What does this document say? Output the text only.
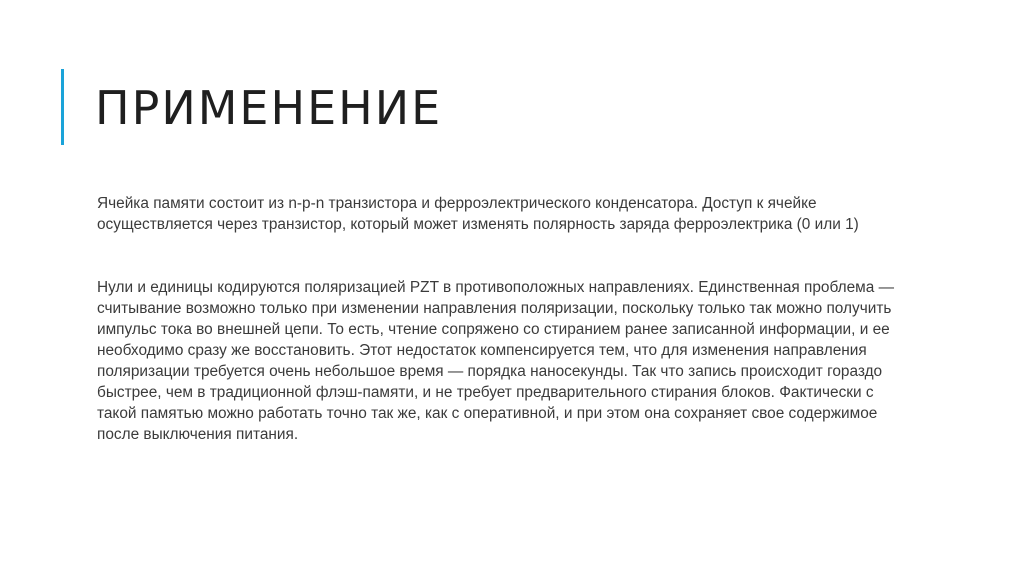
ПРИМЕНЕНИЕ

Ячейка памяти состоит из n-p-n транзистора и ферроэлектрического конденсатора. Доступ к ячейке осуществляется через транзистор, который может изменять полярность заряда ферроэлектрика (0 или 1)

Нули и единицы кодируются поляризацией PZT в противоположных направлениях. Единственная проблема — считывание возможно только при изменении направления поляризации, поскольку только так можно получить импульс тока во внешней цепи. То есть, чтение сопряжено со стиранием ранее записанной информации, и ее необходимо сразу же восстановить. Этот недостаток компенсируется тем, что для изменения направления поляризации требуется очень небольшое время — порядка наносекунды. Так что запись происходит гораздо быстрее, чем в традиционной флэш-памяти, и не требует предварительного стирания блоков. Фактически с такой памятью можно работать точно так же, как с оперативной, и при этом она сохраняет свое содержимое после выключения питания.
